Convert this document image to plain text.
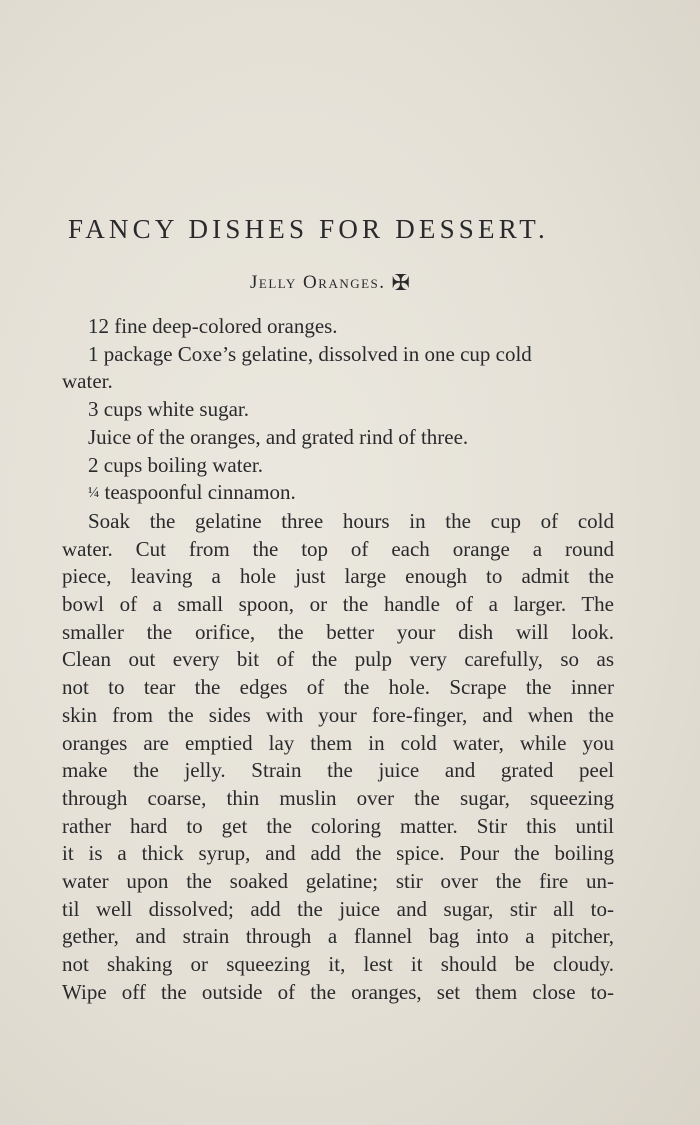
FANCY DISHES FOR DESSERT.
Jelly Oranges. ✠

12 fine deep-colored oranges.

1 package Coxe’s gelatine, dissolved in one cup cold

water.

3 cups white sugar.

Juice of the oranges, and grated rind of three.

2 cups boiling water.

¼ teaspoonful cinnamon.

Soak the gelatine three hours in the cup of cold
water. Cut from the top of each orange a round
piece, leaving a hole just large enough to admit the
bowl of a small spoon, or the handle of a larger. The
smaller the orifice, the better your dish will look.
Clean out every bit of the pulp very carefully, so as
not to tear the edges of the hole. Scrape the inner
skin from the sides with your fore-finger, and when the
oranges are emptied lay them in cold water, while you
make the jelly. Strain the juice and grated peel
through coarse, thin muslin over the sugar, squeezing
rather hard to get the coloring matter. Stir this until
it is a thick syrup, and add the spice. Pour the boiling
water upon the soaked gelatine; stir over the fire un-
til well dissolved; add the juice and sugar, stir all to-
gether, and strain through a flannel bag into a pitcher,
not shaking or squeezing it, lest it should be cloudy.
Wipe off the outside of the oranges, set them close to-
